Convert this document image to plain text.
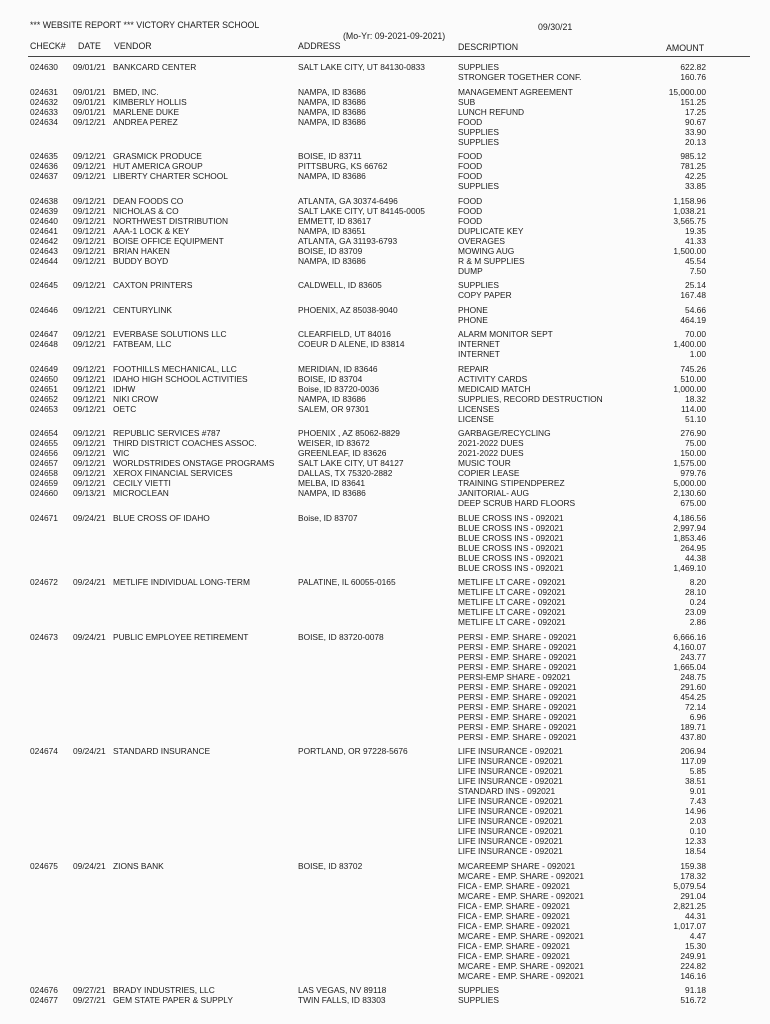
*** WEBSITE REPORT *** VICTORY CHARTER SCHOOL
(Mo-Yr: 09-2021-09-2021)
09/30/21
CHECK# DATE VENDOR	ADDRESS	DESCRIPTION	AMOUNT
024630 09/01/21 BANKCARD CENTER	SALT LAKE CITY, UT 84130-0833	SUPPLIES	622.82
STRONGER TOGETHER CONF.	160.76
024631 09/01/21 BMED, INC.	NAMPA, ID 83686	MANAGEMENT AGREEMENT	15,000.00
024632 09/01/21 KIMBERLY HOLLIS	NAMPA, ID 83686	SUB	151.25
024633 09/01/21 MARLENE DUKE	NAMPA, ID 83686	LUNCH REFUND	17.25
024634 09/12/21 ANDREA PEREZ	NAMPA, ID 83686	FOOD	90.67
SUPPLIES	33.90
SUPPLIES	20.13
024635 09/12/21 GRASMICK PRODUCE	BOISE, ID 83711	FOOD	985.12
024636 09/12/21 HUT AMERICA GROUP	PITTSBURG, KS 66762	FOOD	781.25
024637 09/12/21 LIBERTY CHARTER SCHOOL	NAMPA, ID 83686	FOOD	42.25
SUPPLIES	33.85
024638 09/12/21 DEAN FOODS CO	ATLANTA, GA 30374-6496	FOOD	1,158.96
024639 09/12/21 NICHOLAS & CO	SALT LAKE CITY, UT 84145-0005	FOOD	1,038.21
024640 09/12/21 NORTHWEST DISTRIBUTION	EMMETT, ID 83617	FOOD	3,565.75
024641 09/12/21 AAA-1 LOCK & KEY	NAMPA, ID 83651	DUPLICATE KEY	19.35
024642 09/12/21 BOISE OFFICE EQUIPMENT	ATLANTA, GA 31193-6793	OVERAGES	41.33
024643 09/12/21 BRIAN HAKEN	BOISE, ID 83709	MOWING AUG	1,500.00
024644 09/12/21 BUDDY BOYD	NAMPA, ID 83686	R & M SUPPLIES	45.54
DUMP	7.50
024645 09/12/21 CAXTON PRINTERS	CALDWELL, ID 83605	SUPPLIES	25.14
COPY PAPER	167.48
024646 09/12/21 CENTURYLINK	PHOENIX, AZ 85038-9040	PHONE	54.66
PHONE	464.19
024647 09/12/21 EVERBASE SOLUTIONS LLC	CLEARFIELD, UT 84016	ALARM MONITOR SEPT	70.00
024648 09/12/21 FATBEAM, LLC	COEUR D ALENE, ID 83814	INTERNET	1,400.00
INTERNET	1.00
024649 09/12/21 FOOTHILLS MECHANICAL, LLC	MERIDIAN, ID 83646	REPAIR	745.26
024650 09/12/21 IDAHO HIGH SCHOOL ACTIVITIES	BOISE, ID 83704	ACTIVITY CARDS	510.00
024651 09/12/21 IDHW	Boise, ID 83720-0036	MEDICAID MATCH	1,000.00
024652 09/12/21 NIKI CROW	NAMPA, ID 83686	SUPPLIES, RECORD DESTRUCTION	18.32
024653 09/12/21 OETC	SALEM, OR 97301	LICENSES	114.00
LICENSE	51.10
024654 09/12/21 REPUBLIC SERVICES #787	PHOENIX , AZ 85062-8829	GARBAGE/RECYCLING	276.90
024655 09/12/21 THIRD DISTRICT COACHES ASSOC.	WEISER, ID 83672	2021-2022 DUES	75.00
024656 09/12/21 WIC	GREENLEAF, ID 83626	2021-2022 DUES	150.00
024657 09/12/21 WORLDSTRIDES ONSTAGE PROGRAMS	SALT LAKE CITY, UT 84127	MUSIC TOUR	1,575.00
024658 09/12/21 XEROX FINANCIAL SERVICES	DALLAS, TX 75320-2882	COPIER LEASE	979.76
024659 09/12/21 CECILY VIETTI	MELBA, ID 83641	TRAINING STIPENDPEREZ	5,000.00
024660 09/13/21 MICROCLEAN	NAMPA, ID 83686	JANITORIAL- AUG	2,130.60
DEEP SCRUB HARD FLOORS	675.00
024671 09/24/21 BLUE CROSS OF IDAHO	Boise, ID 83707	BLUE CROSS INS - 092021	4,186.56
BLUE CROSS INS - 092021	2,997.94
BLUE CROSS INS - 092021	1,853.46
BLUE CROSS INS - 092021	264.95
BLUE CROSS INS - 092021	44.38
BLUE CROSS INS - 092021	1,469.10
024672 09/24/21 METLIFE INDIVIDUAL LONG-TERM	PALATINE, IL 60055-0165	METLIFE LT CARE - 092021	8.20
METLIFE LT CARE - 092021	28.10
METLIFE LT CARE - 092021	0.24
METLIFE LT CARE - 092021	23.09
METLIFE LT CARE - 092021	2.86
024673 09/24/21 PUBLIC EMPLOYEE RETIREMENT	BOISE, ID 83720-0078	PERSI - EMP. SHARE - 092021	6,666.16
PERSI - EMP. SHARE - 092021	4,160.07
PERSI - EMP. SHARE - 092021	243.77
PERSI - EMP. SHARE - 092021	1,665.04
PERSI-EMP SHARE - 092021	248.75
PERSI - EMP. SHARE - 092021	291.60
PERSI - EMP. SHARE - 092021	454.25
PERSI - EMP. SHARE - 092021	72.14
PERSI - EMP. SHARE - 092021	6.96
PERSI - EMP. SHARE - 092021	189.71
PERSI - EMP. SHARE - 092021	437.80
024674 09/24/21 STANDARD INSURANCE	PORTLAND, OR 97228-5676	LIFE INSURANCE - 092021	206.94
LIFE INSURANCE - 092021	117.09
LIFE INSURANCE - 092021	5.85
LIFE INSURANCE - 092021	38.51
STANDARD INS - 092021	9.01
LIFE INSURANCE - 092021	7.43
LIFE INSURANCE - 092021	14.96
LIFE INSURANCE - 092021	2.03
LIFE INSURANCE - 092021	0.10
LIFE INSURANCE - 092021	12.33
LIFE INSURANCE - 092021	18.54
024675 09/24/21 ZIONS BANK	BOISE, ID 83702	M/CAREEMP SHARE - 092021	159.38
M/CARE - EMP. SHARE - 092021	178.32
FICA - EMP. SHARE - 092021	5,079.54
M/CARE - EMP. SHARE - 092021	291.04
FICA - EMP. SHARE - 092021	2,821.25
FICA - EMP. SHARE - 092021	44.31
FICA - EMP. SHARE - 092021	1,017.07
M/CARE - EMP. SHARE - 092021	4.47
FICA - EMP. SHARE - 092021	15.30
FICA - EMP. SHARE - 092021	249.91
M/CARE - EMP. SHARE - 092021	224.82
M/CARE - EMP. SHARE - 092021	146.16
024676 09/27/21 BRADY INDUSTRIES, LLC	LAS VEGAS, NV 89118	SUPPLIES	91.18
024677 09/27/21 GEM STATE PAPER & SUPPLY	TWIN FALLS, ID 83303	SUPPLIES	516.72
